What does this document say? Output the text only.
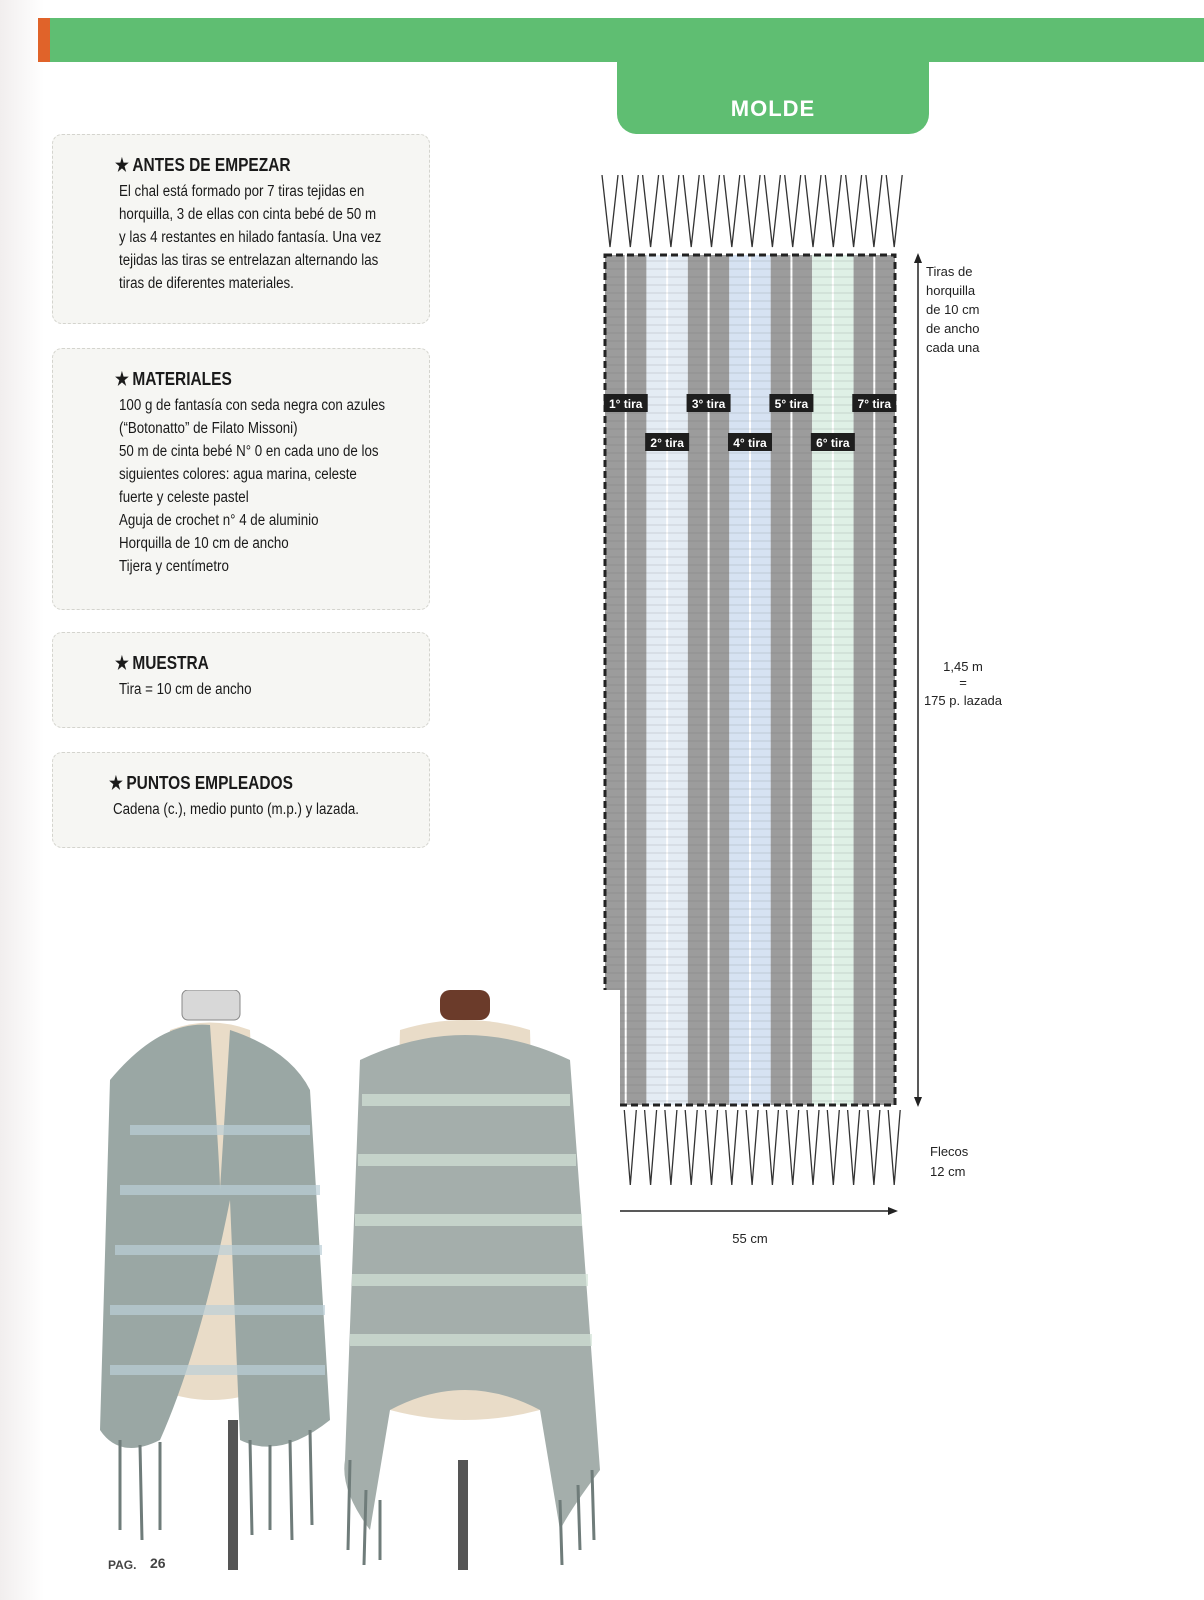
MOLDE
★ ANTES DE EMPEZAR
El chal está formado por 7 tiras tejidas en
horquilla, 3 de ellas con cinta bebé de 50 m
y las 4 restantes en hilado fantasía. Una vez
tejidas las tiras se entrelazan alternando las
tiras de diferentes materiales.
★ MATERIALES
100 g de fantasía con seda negra con azules
(“Botonatto” de Filato Missoni)
50 m de cinta bebé N° 0 en cada uno de los
siguientes colores: agua marina, celeste
fuerte y celeste pastel
Aguja de crochet n° 4 de aluminio
Horquilla de 10 cm de ancho
Tijera y centímetro
★ MUESTRA
Tira = 10 cm de ancho
★ PUNTOS EMPLEADOS
Cadena (c.), medio punto (m.p.) y lazada.
1° tira
2° tira
3° tira
4° tira
5° tira
6° tira
7° tira
Tiras de
horquilla
de 10 cm
de ancho
cada una
1,45 m
=
175 p. lazada
Flecos
12 cm
55 cm
PAG. 26
